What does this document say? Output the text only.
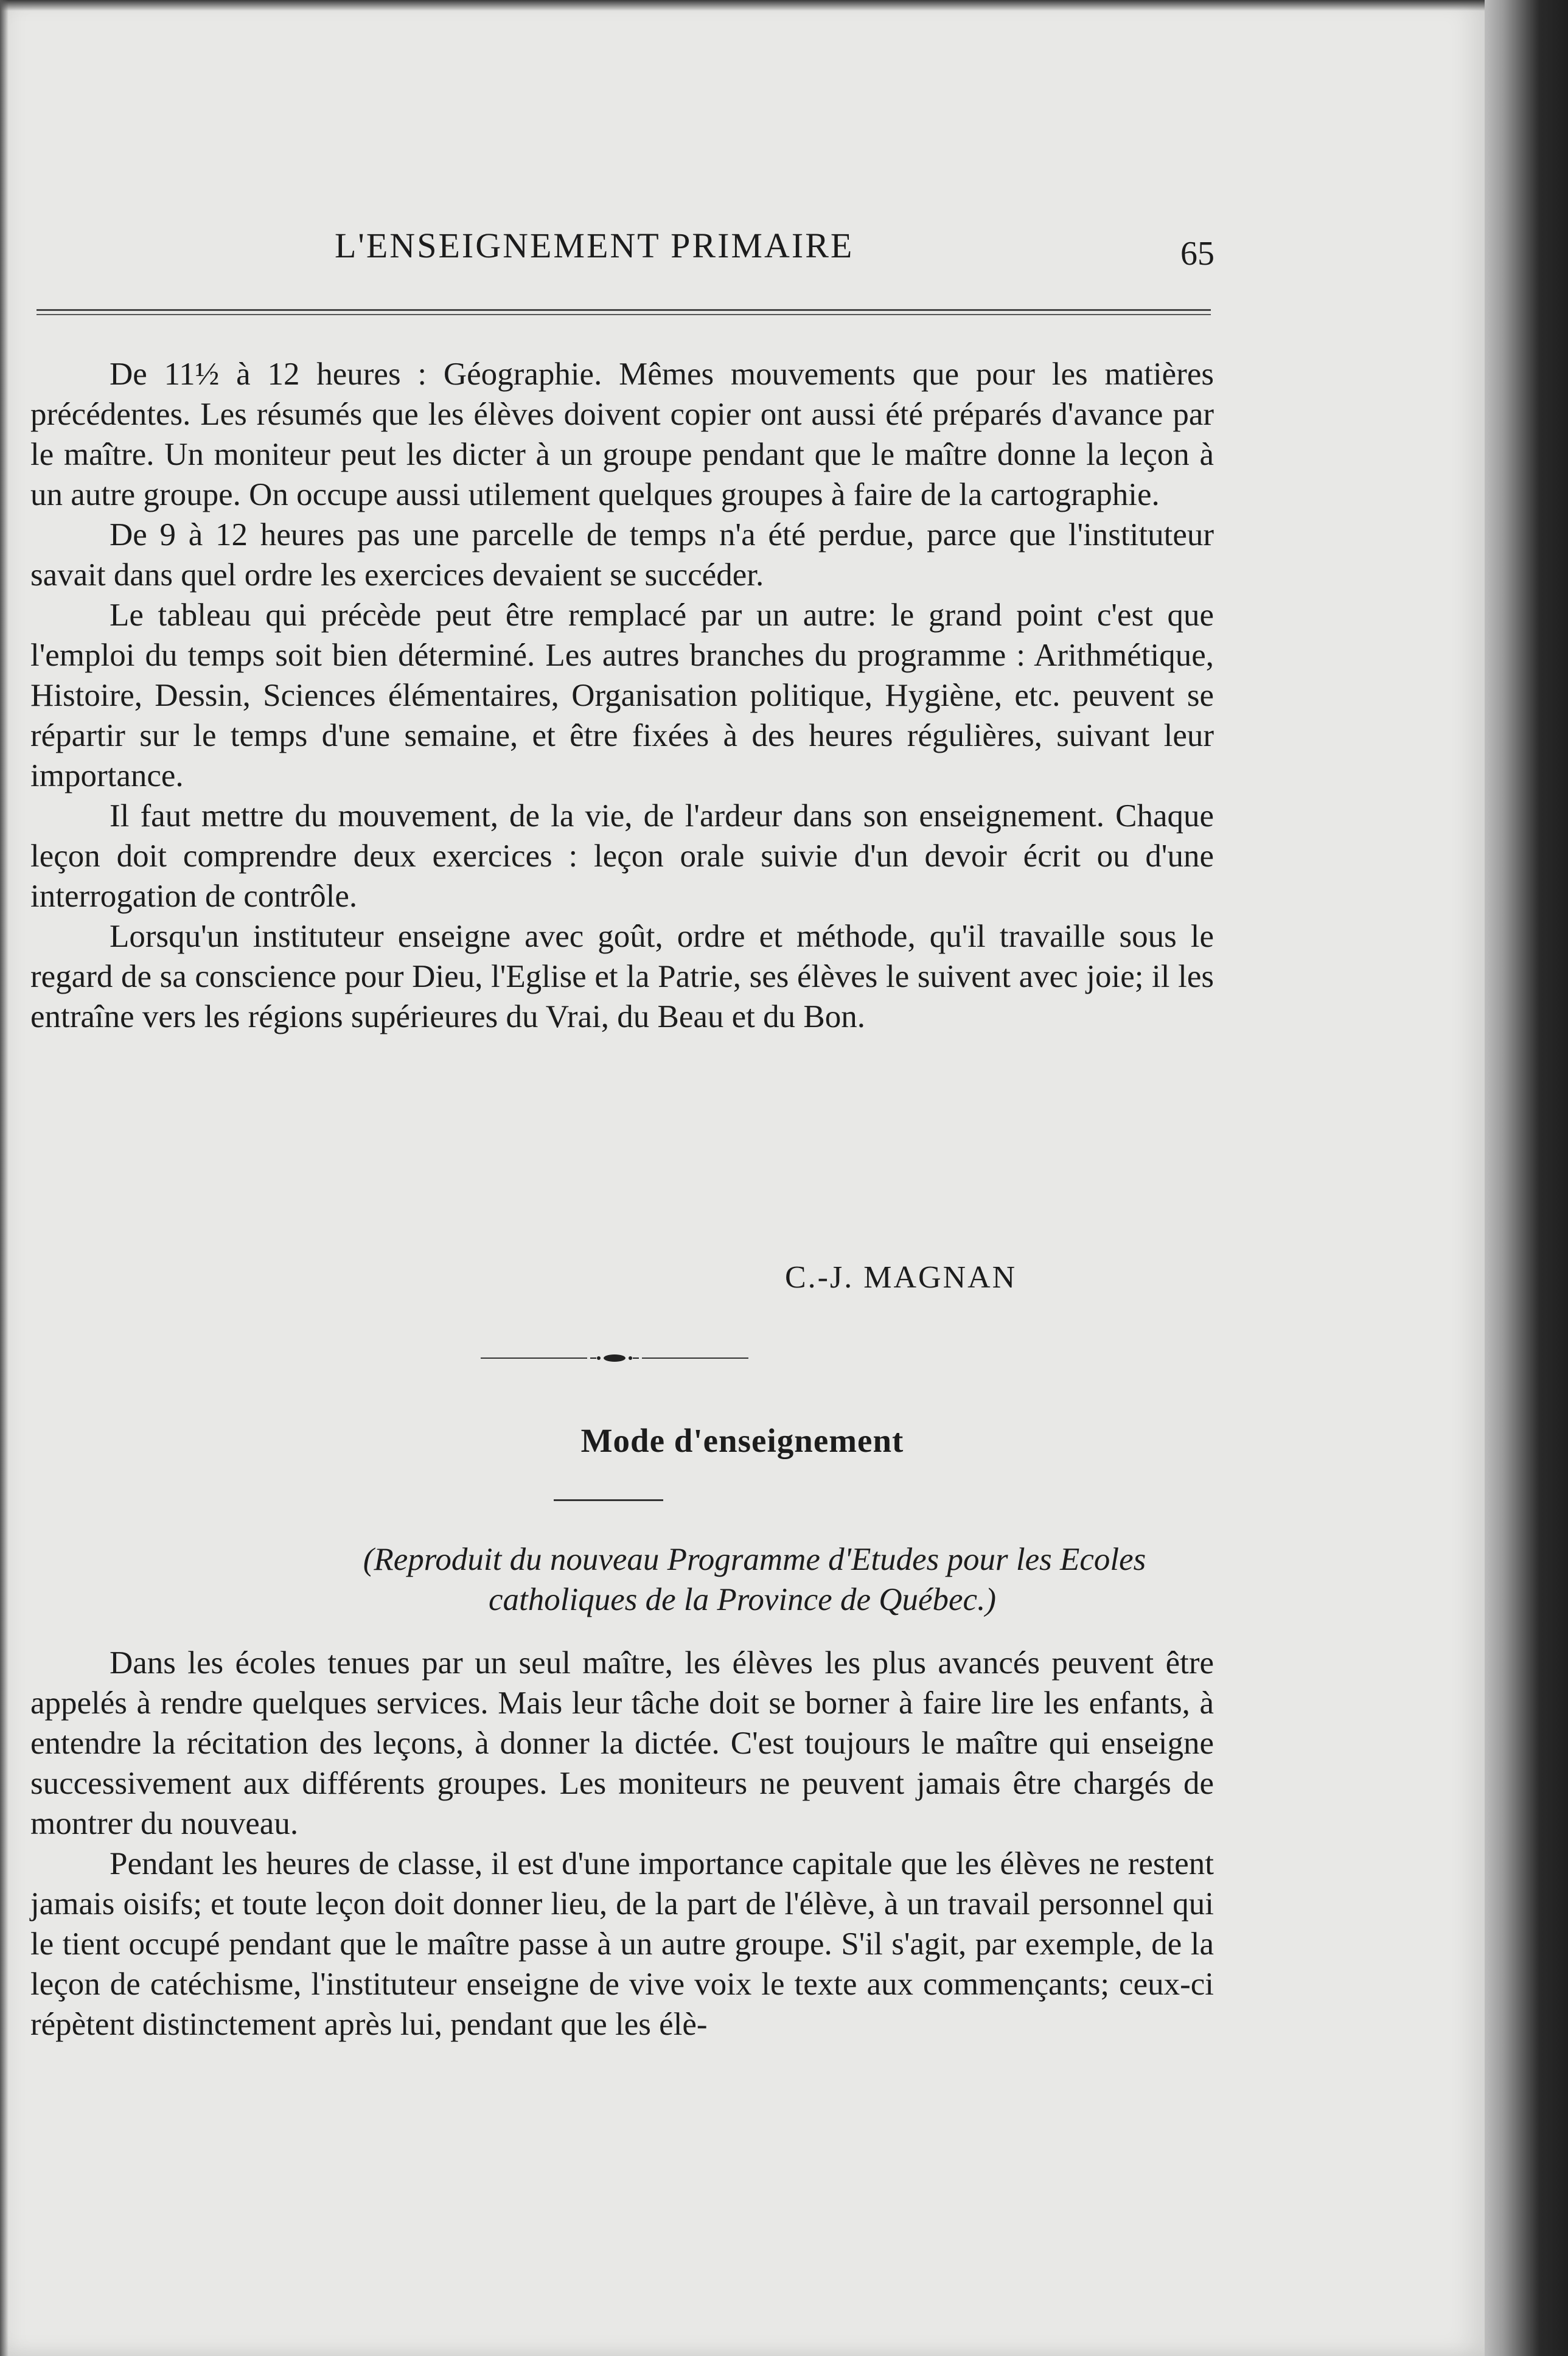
L'ENSEIGNEMENT PRIMAIRE	65

De 11½ à 12 heures : Géographie. Mêmes mouvements que pour les matières précédentes. Les résumés que les élèves doivent copier ont aussi été préparés d'avance par le maître. Un moniteur peut les dicter à un groupe pendant que le maître donne la leçon à un autre groupe. On occupe aussi utilement quelques groupes à faire de la cartographie.

De 9 à 12 heures pas une parcelle de temps n'a été perdue, parce que l'instituteur savait dans quel ordre les exercices devaient se succéder.

Le tableau qui précède peut être remplacé par un autre: le grand point c'est que l'emploi du temps soit bien déterminé. Les autres branches du programme : Arithmétique, Histoire, Dessin, Sciences élémentaires, Organisation politique, Hygiène, etc. peuvent se répartir sur le temps d'une semaine, et être fixées à des heures régulières, suivant leur importance.

Il faut mettre du mouvement, de la vie, de l'ardeur dans son enseignement. Chaque leçon doit comprendre deux exercices : leçon orale suivie d'un devoir écrit ou d'une interrogation de contrôle.

Lorsqu'un instituteur enseigne avec goût, ordre et méthode, qu'il travaille sous le regard de sa conscience pour Dieu, l'Eglise et la Patrie, ses élèves le suivent avec joie; il les entraîne vers les régions supérieures du Vrai, du Beau et du Bon.

C.-J. MAGNAN
Mode d'enseignement
(Reproduit du nouveau Programme d'Etudes pour les Ecoles
catholiques de la Province de Québec.)

Dans les écoles tenues par un seul maître, les élèves les plus avancés peuvent être appelés à rendre quelques services. Mais leur tâche doit se borner à faire lire les enfants, à entendre la récitation des leçons, à donner la dictée. C'est toujours le maître qui enseigne successivement aux différents groupes. Les moniteurs ne peuvent jamais être chargés de montrer du nouveau.

Pendant les heures de classe, il est d'une importance capitale que les élèves ne restent jamais oisifs; et toute leçon doit donner lieu, de la part de l'élève, à un travail personnel qui le tient occupé pendant que le maître passe à un autre groupe. S'il s'agit, par exemple, de la leçon de catéchisme, l'instituteur enseigne de vive voix le texte aux commençants; ceux-ci répètent distinctement après lui, pendant que les élè-
